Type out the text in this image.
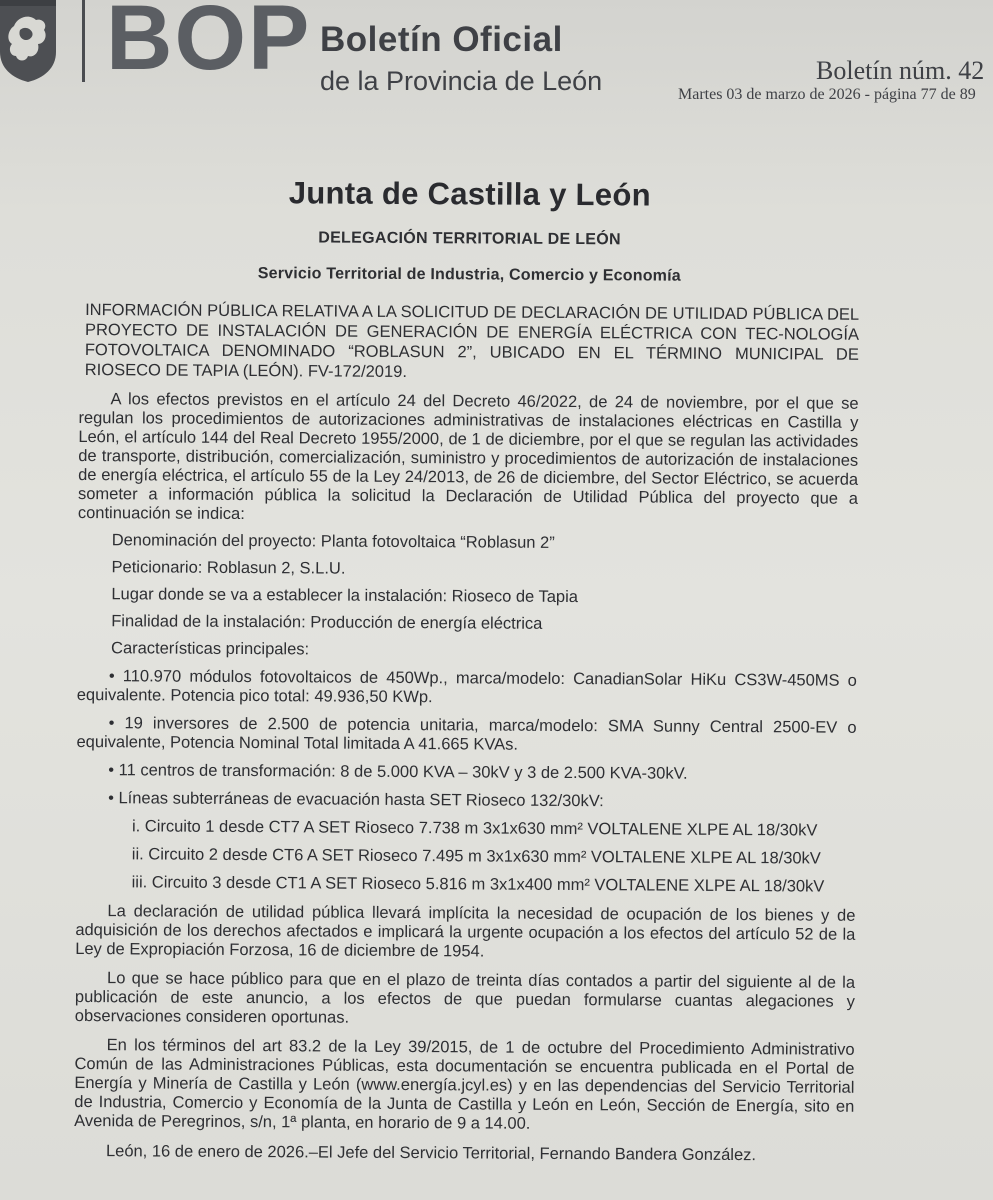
BOP Boletín Oficial
de la Provincia de León	Boletín núm. 42
Martes 03 de marzo de 2026 - página 77 de 89
Junta de Castilla y León
DELEGACIÓN TERRITORIAL DE LEÓN
Servicio Territorial de Industria, Comercio y Economía
INFORMACIÓN PÚBLICA RELATIVA A LA SOLICITUD DE DECLARACIÓN DE UTILIDAD PÚBLICA DEL PROYECTO DE INSTALACIÓN DE GENERACIÓN DE ENERGÍA ELÉCTRICA CON TEC-NOLOGÍA FOTOVOLTAICA DENOMINADO “ROBLASUN 2”, UBICADO EN EL TÉRMINO MUNICIPAL DE RIOSECO DE TAPIA (LEÓN). FV-172/2019.

A los efectos previstos en el artículo 24 del Decreto 46/2022, de 24 de noviembre, por el que se regulan los procedimientos de autorizaciones administrativas de instalaciones eléctricas en Castilla y León, el artículo 144 del Real Decreto 1955/2000, de 1 de diciembre, por el que se regulan las actividades de transporte, distribución, comercialización, suministro y procedimientos de autorización de instalaciones de energía eléctrica, el artículo 55 de la Ley 24/2013, de 26 de diciembre, del Sector Eléctrico, se acuerda someter a información pública la solicitud la Declaración de Utilidad Pública del proyecto que a continuación se indica:

Denominación del proyecto: Planta fotovoltaica “Roblasun 2”

Peticionario: Roblasun 2, S.L.U.

Lugar donde se va a establecer la instalación: Rioseco de Tapia

Finalidad de la instalación: Producción de energía eléctrica

Características principales:

• 110.970 módulos fotovoltaicos de 450Wp., marca/modelo: CanadianSolar HiKu CS3W-450MS o equivalente. Potencia pico total: 49.936,50 KWp.

• 19 inversores de 2.500 de potencia unitaria, marca/modelo: SMA Sunny Central 2500-EV o equivalente, Potencia Nominal Total limitada A 41.665 KVAs.

• 11 centros de transformación: 8 de 5.000 KVA – 30kV y 3 de 2.500 KVA-30kV.

• Líneas subterráneas de evacuación hasta SET Rioseco 132/30kV:

i. Circuito 1 desde CT7 A SET Rioseco 7.738 m 3x1x630 mm² VOLTALENE XLPE AL 18/30kV

ii. Circuito 2 desde CT6 A SET Rioseco 7.495 m 3x1x630 mm² VOLTALENE XLPE AL 18/30kV

iii. Circuito 3 desde CT1 A SET Rioseco 5.816 m 3x1x400 mm² VOLTALENE XLPE AL 18/30kV

La declaración de utilidad pública llevará implícita la necesidad de ocupación de los bienes y de adquisición de los derechos afectados e implicará la urgente ocupación a los efectos del artículo 52 de la Ley de Expropiación Forzosa, 16 de diciembre de 1954.

Lo que se hace público para que en el plazo de treinta días contados a partir del siguiente al de la publicación de este anuncio, a los efectos de que puedan formularse cuantas alegaciones y observaciones consideren oportunas.

En los términos del art 83.2 de la Ley 39/2015, de 1 de octubre del Procedimiento Administrativo Común de las Administraciones Públicas, esta documentación se encuentra publicada en el Portal de Energía y Minería de Castilla y León (www.energía.jcyl.es) y en las dependencias del Servicio Territorial de Industria, Comercio y Economía de la Junta de Castilla y León en León, Sección de Energía, sito en Avenida de Peregrinos, s/n, 1ª planta, en horario de 9 a 14.00.

León, 16 de enero de 2026.–El Jefe del Servicio Territorial, Fernando Bandera González.
